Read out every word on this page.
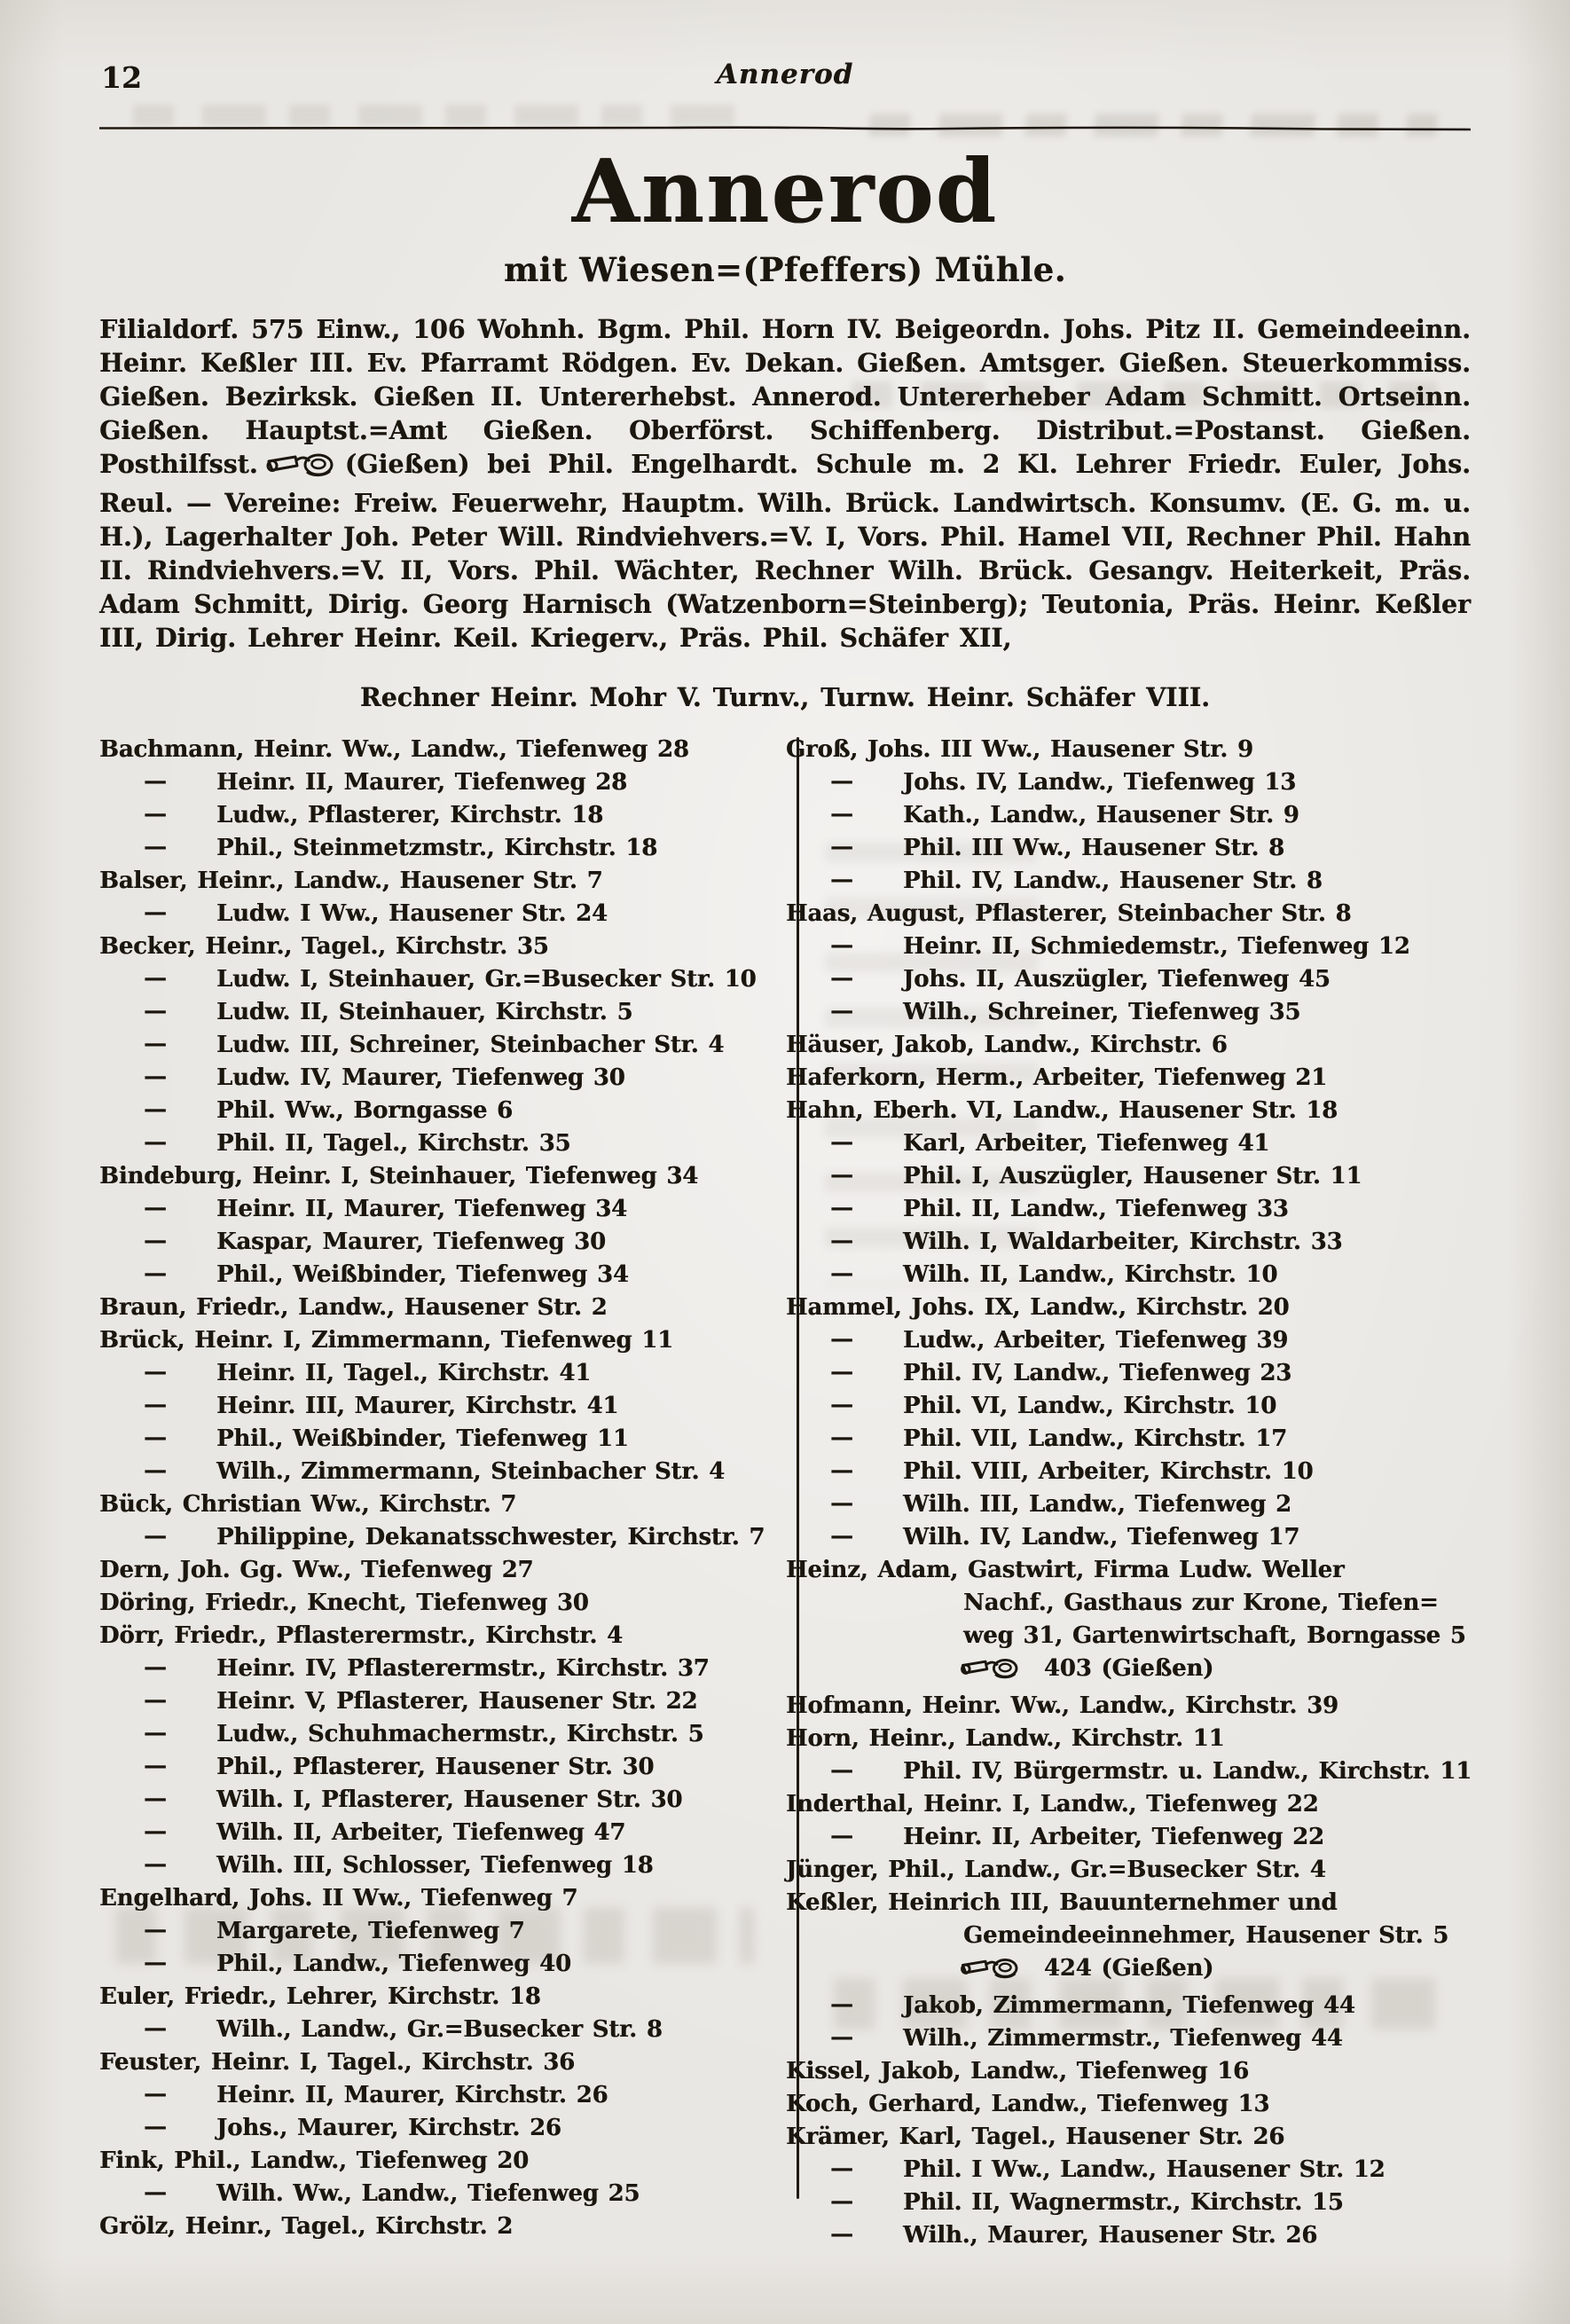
12	Annerod
Annerod
mit Wiesen=(Pfeffers) Mühle.

Filialdorf. 575 Einw., 106 Wohnh. Bgm. Phil. Horn IV. Beigeordn. Johs. Pitz II. Gemeindeeinn. Heinr. Keßler III. Ev. Pfarramt Rödgen. Ev. Dekan. Gießen. Amtsger. Gießen. Steuerkommiss. Gießen. Bezirksk. Gießen II. Untererhebst. Annerod. Untererheber Adam Schmitt. Ortseinn. Gießen. Hauptst.=Amt Gießen. Oberförst. Schiffenberg. Distribut.=Postanst. Gießen. Posthilfsst.	(Gießen) bei Phil. Engelhardt. Schule m. 2 Kl. Lehrer Friedr. Euler, Johs. Reul. — Vereine: Freiw. Feuerwehr, Hauptm. Wilh. Brück. Landwirtsch. Konsumv. (E. G. m. u. H.), Lagerhalter Joh. Peter Will. Rindviehvers.=V. I, Vors. Phil. Hamel VII, Rechner Phil. Hahn II. Rindviehvers.=V. II, Vors. Phil. Wächter, Rechner Wilh. Brück. Gesangv. Heiterkeit, Präs. Adam Schmitt, Dirig. Georg Harnisch (Watzenborn=Steinberg); Teutonia, Präs. Heinr. Keßler III, Dirig. Lehrer Heinr. Keil. Kriegerv., Präs. Phil. Schäfer XII,

Rechner Heinr. Mohr V. Turnv., Turnw. Heinr. Schäfer VIII.
Bachmann, Heinr. Ww., Landw., Tiefenweg 28
— Heinr. II, Maurer, Tiefenweg 28
— Ludw., Pflasterer, Kirchstr. 18
— Phil., Steinmetzmstr., Kirchstr. 18
Balser, Heinr., Landw., Hausener Str. 7
— Ludw. I Ww., Hausener Str. 24
Becker, Heinr., Tagel., Kirchstr. 35
— Ludw. I, Steinhauer, Gr.=Busecker Str. 10
— Ludw. II, Steinhauer, Kirchstr. 5
— Ludw. III, Schreiner, Steinbacher Str. 4
— Ludw. IV, Maurer, Tiefenweg 30
— Phil. Ww., Borngasse 6
— Phil. II, Tagel., Kirchstr. 35
Bindeburg, Heinr. I, Steinhauer, Tiefenweg 34
— Heinr. II, Maurer, Tiefenweg 34
— Kaspar, Maurer, Tiefenweg 30
— Phil., Weißbinder, Tiefenweg 34
Braun, Friedr., Landw., Hausener Str. 2
Brück, Heinr. I, Zimmermann, Tiefenweg 11
— Heinr. II, Tagel., Kirchstr. 41
— Heinr. III, Maurer, Kirchstr. 41
— Phil., Weißbinder, Tiefenweg 11
— Wilh., Zimmermann, Steinbacher Str. 4
Bück, Christian Ww., Kirchstr. 7
— Philippine, Dekanatsschwester, Kirchstr. 7
Dern, Joh. Gg. Ww., Tiefenweg 27
Döring, Friedr., Knecht, Tiefenweg 30
Dörr, Friedr., Pflasterermstr., Kirchstr. 4
— Heinr. IV, Pflasterermstr., Kirchstr. 37
— Heinr. V, Pflasterer, Hausener Str. 22
— Ludw., Schuhmachermstr., Kirchstr. 5
— Phil., Pflasterer, Hausener Str. 30
— Wilh. I, Pflasterer, Hausener Str. 30
— Wilh. II, Arbeiter, Tiefenweg 47
— Wilh. III, Schlosser, Tiefenweg 18
Engelhard, Johs. II Ww., Tiefenweg 7
— Margarete, Tiefenweg 7
— Phil., Landw., Tiefenweg 40
Euler, Friedr., Lehrer, Kirchstr. 18
— Wilh., Landw., Gr.=Busecker Str. 8
Feuster, Heinr. I, Tagel., Kirchstr. 36
— Heinr. II, Maurer, Kirchstr. 26
— Johs., Maurer, Kirchstr. 26
Fink, Phil., Landw., Tiefenweg 20
— Wilh. Ww., Landw., Tiefenweg 25
Grölz, Heinr., Tagel., Kirchstr. 2
Groß, Johs. III Ww., Hausener Str. 9
— Johs. IV, Landw., Tiefenweg 13
— Kath., Landw., Hausener Str. 9
— Phil. III Ww., Hausener Str. 8
— Phil. IV, Landw., Hausener Str. 8
Haas, August, Pflasterer, Steinbacher Str. 8
— Heinr. II, Schmiedemstr., Tiefenweg 12
— Johs. II, Auszügler, Tiefenweg 45
— Wilh., Schreiner, Tiefenweg 35
Häuser, Jakob, Landw., Kirchstr. 6
Haferkorn, Herm., Arbeiter, Tiefenweg 21
Hahn, Eberh. VI, Landw., Hausener Str. 18
— Karl, Arbeiter, Tiefenweg 41
— Phil. I, Auszügler, Hausener Str. 11
— Phil. II, Landw., Tiefenweg 33
— Wilh. I, Waldarbeiter, Kirchstr. 33
— Wilh. II, Landw., Kirchstr. 10
Hammel, Johs. IX, Landw., Kirchstr. 20
— Ludw., Arbeiter, Tiefenweg 39
— Phil. IV, Landw., Tiefenweg 23
— Phil. VI, Landw., Kirchstr. 10
— Phil. VII, Landw., Kirchstr. 17
— Phil. VIII, Arbeiter, Kirchstr. 10
— Wilh. III, Landw., Tiefenweg 2
— Wilh. IV, Landw., Tiefenweg 17
Heinz, Adam, Gastwirt, Firma Ludw. Weller
Nachf., Gasthaus zur Krone, Tiefen=
weg 31, Gartenwirtschaft, Borngasse 5
403 (Gießen)
Hofmann, Heinr. Ww., Landw., Kirchstr. 39
Horn, Heinr., Landw., Kirchstr. 11
— Phil. IV, Bürgermstr. u. Landw., Kirchstr. 11
Inderthal, Heinr. I, Landw., Tiefenweg 22
— Heinr. II, Arbeiter, Tiefenweg 22
Jünger, Phil., Landw., Gr.=Busecker Str. 4
Keßler, Heinrich III, Bauunternehmer und
Gemeindeeinnehmer, Hausener Str. 5
424 (Gießen)
— Jakob, Zimmermann, Tiefenweg 44
— Wilh., Zimmermstr., Tiefenweg 44
Kissel, Jakob, Landw., Tiefenweg 16
Koch, Gerhard, Landw., Tiefenweg 13
Krämer, Karl, Tagel., Hausener Str. 26
— Phil. I Ww., Landw., Hausener Str. 12
— Phil. II, Wagnermstr., Kirchstr. 15
— Wilh., Maurer, Hausener Str. 26
